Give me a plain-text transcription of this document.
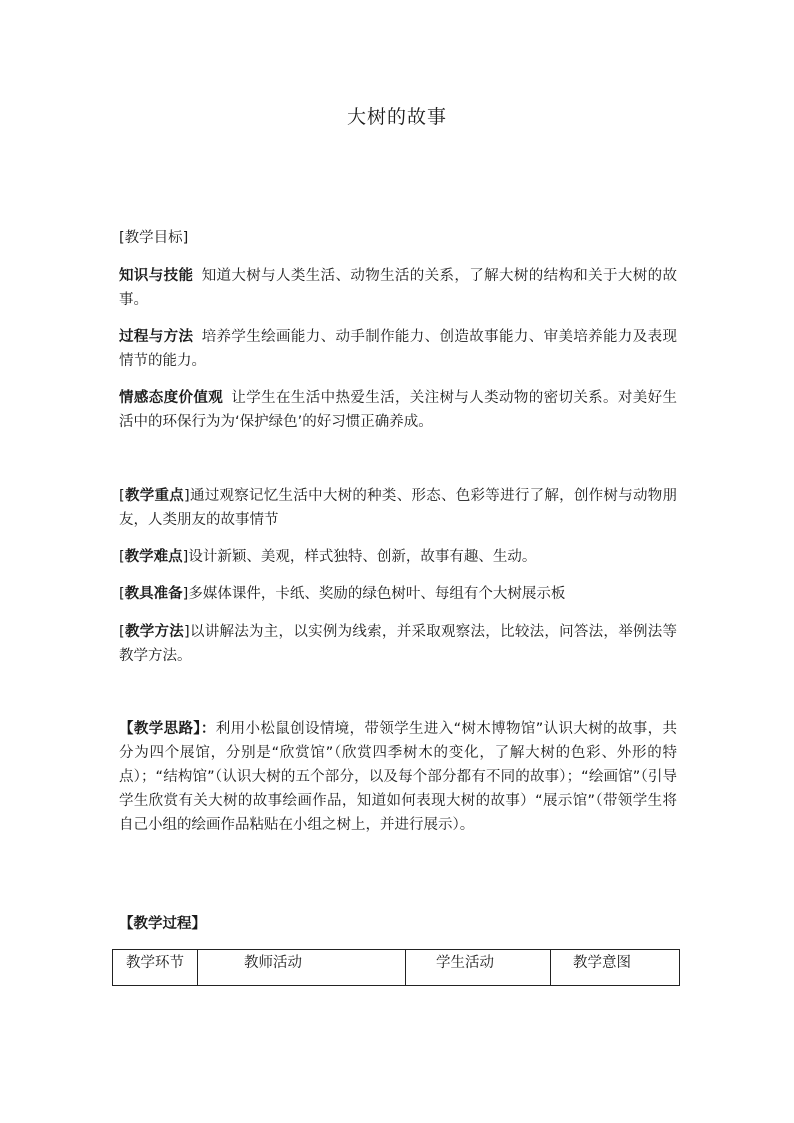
大树的故事
[教学目标]
知识与技能 知道大树与人类生活、动物生活的关系，了解大树的结构和关于大树的故事。
过程与方法 培养学生绘画能力、动手制作能力、创造故事能力、审美培养能力及表现情节的能力。
情感态度价值观 让学生在生活中热爱生活，关注树与人类动物的密切关系。对美好生活中的环保行为为‘保护绿色’的好习惯正确养成。
[教学重点]通过观察记忆生活中大树的种类、形态、色彩等进行了解，创作树与动物朋友，人类朋友的故事情节
[教学难点]设计新颖、美观，样式独特、创新，故事有趣、生动。
[教具准备]多媒体课件，卡纸、奖励的绿色树叶、每组有个大树展示板
[教学方法]以讲解法为主，以实例为线索，并采取观察法，比较法，问答法，举例法等教学方法。
【教学思路】：利用小松鼠创设情境，带领学生进入“树木博物馆”认识大树的故事，共分为四个展馆，分别是“欣赏馆”（欣赏四季树木的变化，了解大树的色彩、外形的特点）；“结构馆”（认识大树的五个部分，以及每个部分都有不同的故事）；“绘画馆”（引导学生欣赏有关大树的故事绘画作品，知道如何表现大树的故事）“展示馆”（带领学生将自己小组的绘画作品粘贴在小组之树上，并进行展示）。
【教学过程】
教学环节	教师活动	学生活动	教学意图
